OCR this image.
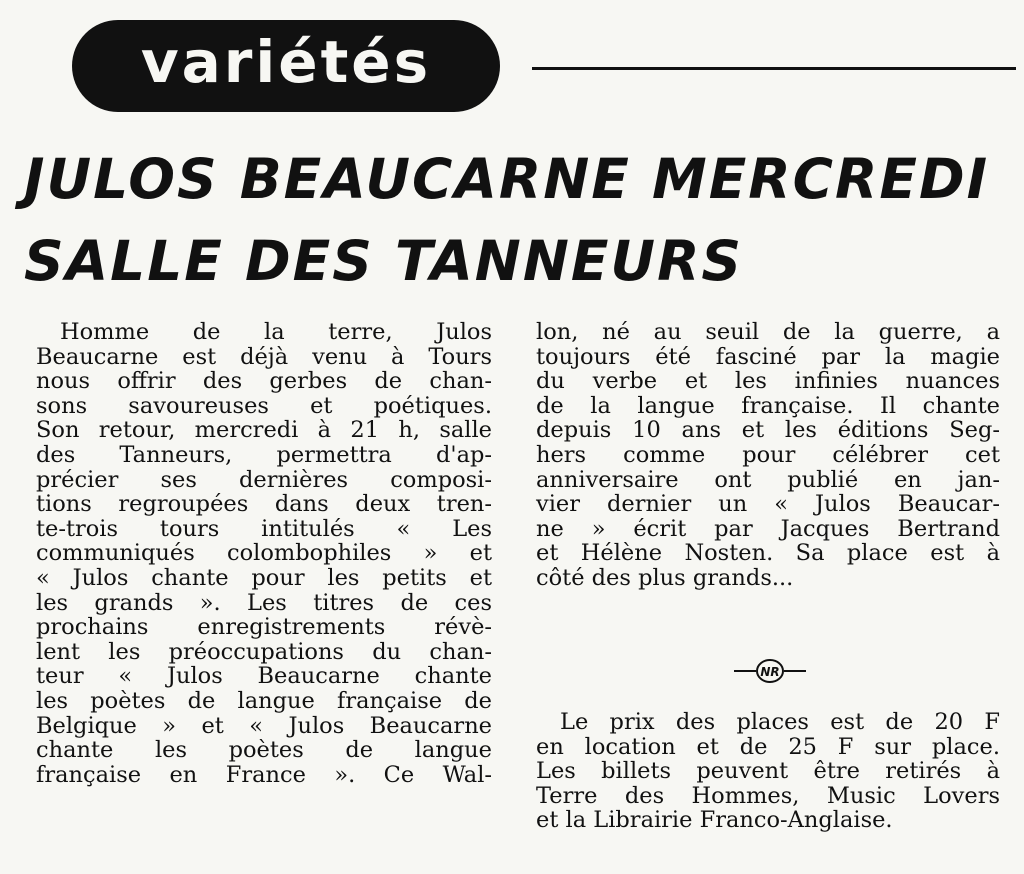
variétés
JULOS BEAUCARNE MERCREDI
SALLE DES TANNEURS
Homme de la terre, Julos
Beaucarne est déjà venu à Tours
nous offrir des gerbes de chan-
sons savoureuses et poétiques.
Son retour, mercredi à 21 h, salle
des Tanneurs, permettra d'ap-
précier ses dernières composi-
tions regroupées dans deux tren-
te-trois tours intitulés « Les
communiqués colombophiles » et
« Julos chante pour les petits et
les grands ». Les titres de ces
prochains enregistrements révè-
lent les préoccupations du chan-
teur « Julos Beaucarne chante
les poètes de langue française de
Belgique » et « Julos Beaucarne
chante les poètes de langue
française en France ». Ce Wal-
lon, né au seuil de la guerre, a
toujours été fasciné par la magie
du verbe et les infinies nuances
de la langue française. Il chante
depuis 10 ans et les éditions Seg-
hers comme pour célébrer cet
anniversaire ont publié en jan-
vier dernier un « Julos Beaucar-
ne » écrit par Jacques Bertrand
et Hélène Nosten. Sa place est à
côté des plus grands...
NR
Le prix des places est de 20 F
en location et de 25 F sur place.
Les billets peuvent être retirés à
Terre des Hommes, Music Lovers
et la Librairie Franco-Anglaise.
